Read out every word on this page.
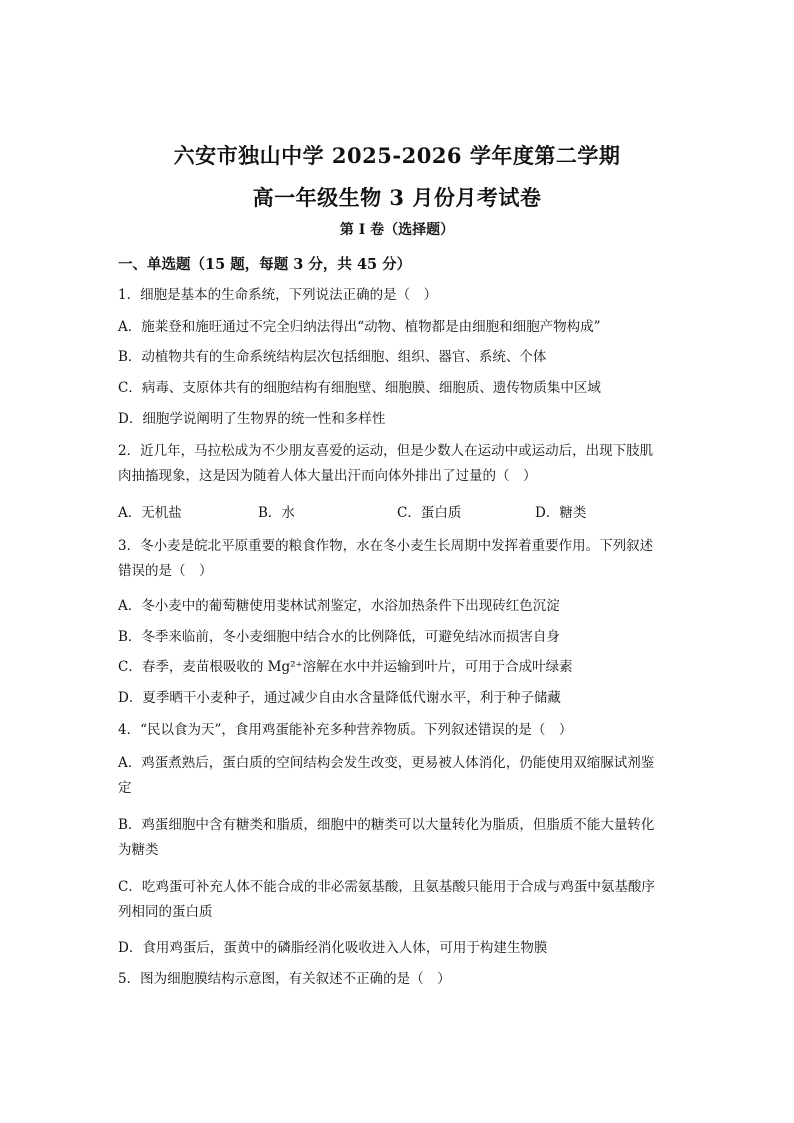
六安市独山中学 2025-2026 学年度第二学期
高一年级生物 3 月份月考试卷
第 I 卷（选择题）
一、单选题（15 题，每题 3 分，共 45 分）
1．细胞是基本的生命系统，下列说法正确的是（　）
A．施莱登和施旺通过不完全归纳法得出“动物、植物都是由细胞和细胞产物构成”
B．动植物共有的生命系统结构层次包括细胞、组织、器官、系统、个体
C．病毒、支原体共有的细胞结构有细胞壁、细胞膜、细胞质、遗传物质集中区域
D．细胞学说阐明了生物界的统一性和多样性
2．近几年，马拉松成为不少朋友喜爱的运动，但是少数人在运动中或运动后，出现下肢肌
肉抽搐现象，这是因为随着人体大量出汗而向体外排出了过量的（　）
A．无机盐	B．水	C．蛋白质	D．糖类
3．冬小麦是皖北平原重要的粮食作物，水在冬小麦生长周期中发挥着重要作用。下列叙述
错误的是（　）
A．冬小麦中的葡萄糖使用斐林试剂鉴定，水浴加热条件下出现砖红色沉淀
B．冬季来临前，冬小麦细胞中结合水的比例降低，可避免结冰而损害自身
C．春季，麦苗根吸收的 Mg²⁺溶解在水中并运输到叶片，可用于合成叶绿素
D．夏季晒干小麦种子，通过减少自由水含量降低代谢水平，利于种子储藏
4．“民以食为天”，食用鸡蛋能补充多种营养物质。下列叙述错误的是（　）
A．鸡蛋煮熟后，蛋白质的空间结构会发生改变，更易被人体消化，仍能使用双缩脲试剂鉴
定
B．鸡蛋细胞中含有糖类和脂质，细胞中的糖类可以大量转化为脂质，但脂质不能大量转化
为糖类
C．吃鸡蛋可补充人体不能合成的非必需氨基酸，且氨基酸只能用于合成与鸡蛋中氨基酸序
列相同的蛋白质
D．食用鸡蛋后，蛋黄中的磷脂经消化吸收进入人体，可用于构建生物膜
5．图为细胞膜结构示意图，有关叙述不正确的是（　）
